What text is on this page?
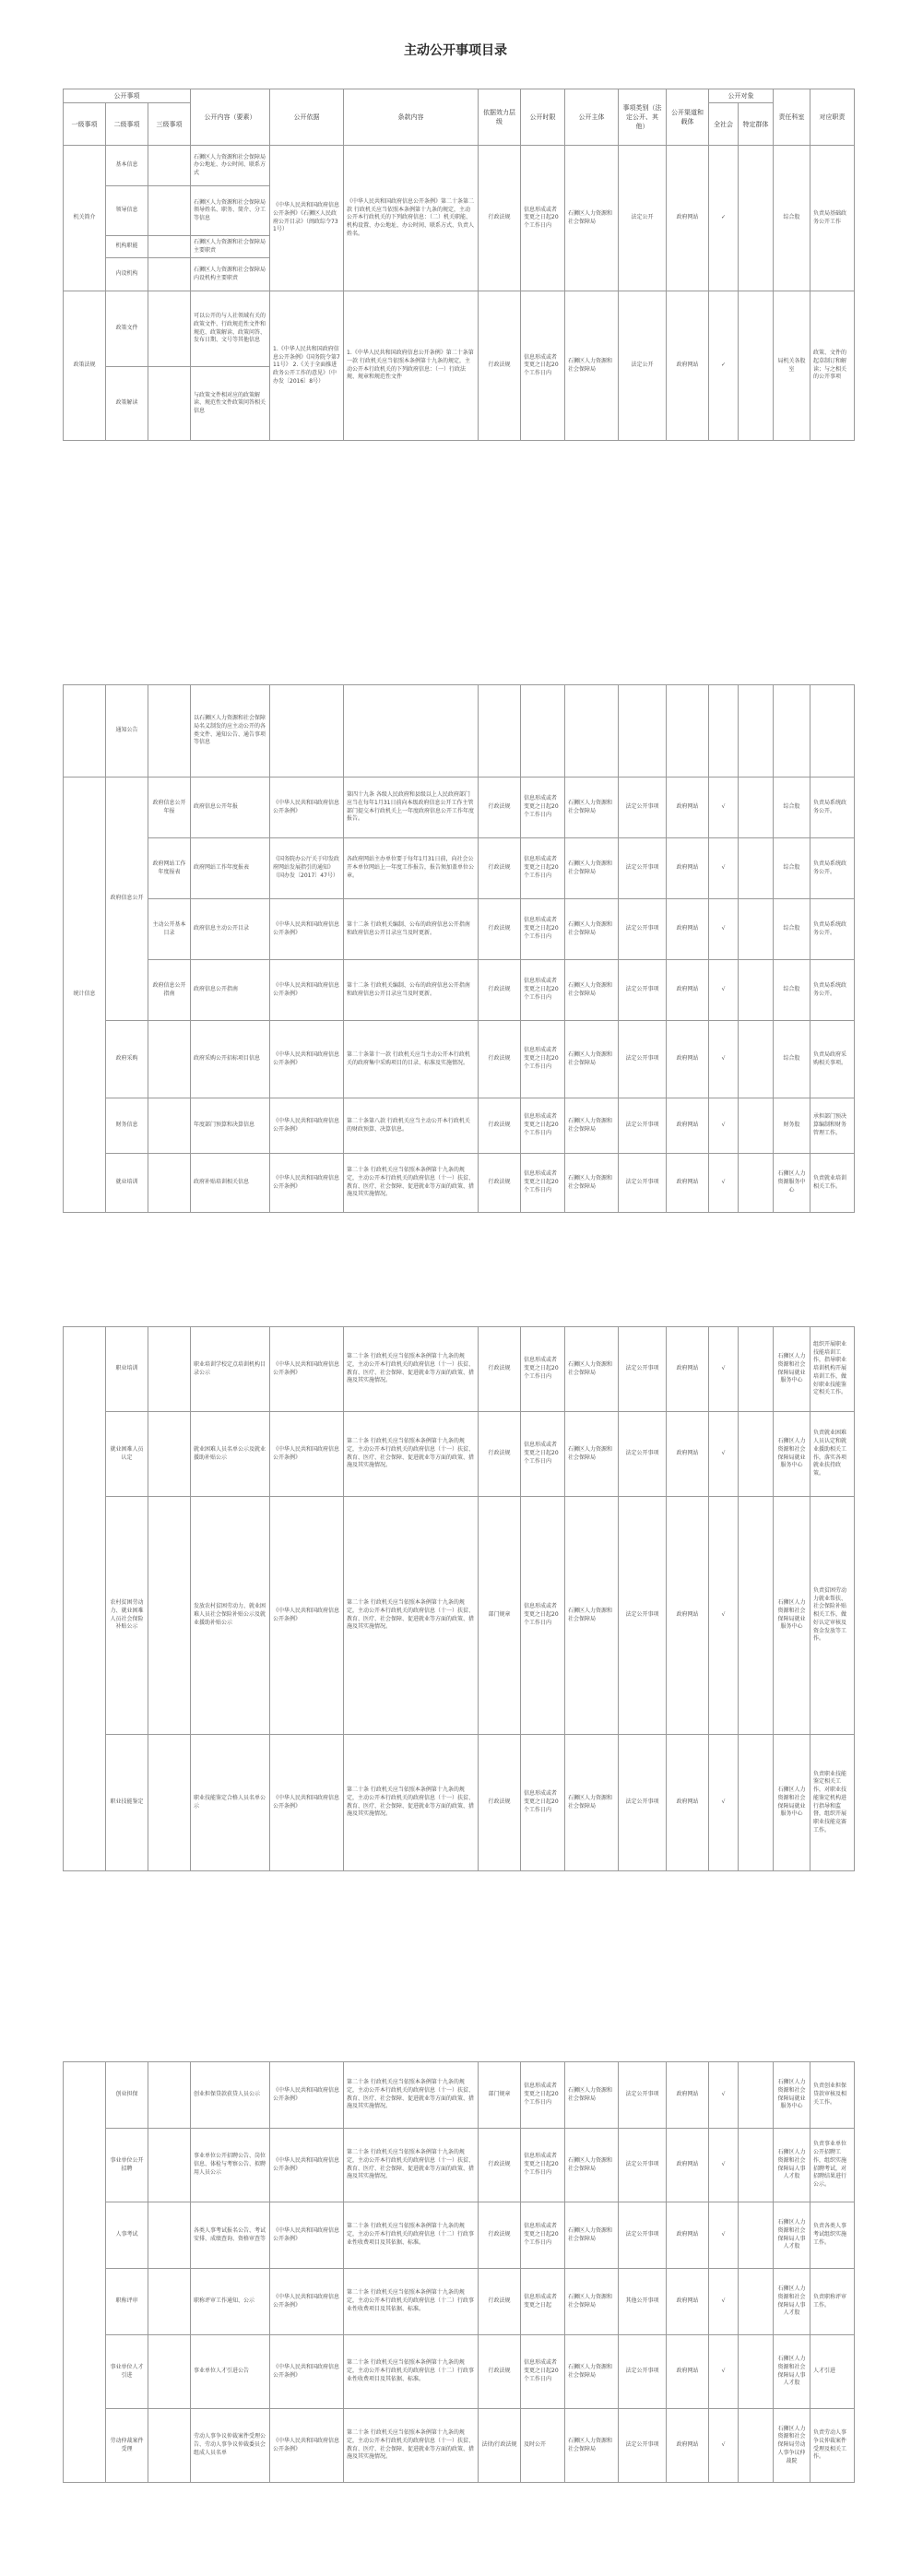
主动公开事项目录
公开事项			公开内容（要素）	公开依据	条款内容	依据效力层级	公开时限	公开主体	事项类别（法定公开、其他）	公开渠道和载体	公开对象		责任科室	对应职责
一级事项	二级事项	三级事项									全社会	特定群体		
机关简介	基本信息		石狮区人力资源和社会保障局办公地址、办公时间、联系方式	《中华人民共和国政府信息公开条例》《石狮区人民政府公开目录》（闽政综令731号）	《中华人民共和国政府信息公开条例》第二十条第二款 行政机关应当依照本条例第十九条的规定，主动公开本行政机关的下列政府信息：（二）机关职能、机构设置、办公地址、办公时间、联系方式、负责人姓名。	行政法规	信息形成或者变更之日起20个工作日内	石狮区人力资源和社会保障局	法定公开	政府网站	✓		综合股	负责局基础政务公开工作
	领导信息		石狮区人力资源和社会保障局领导姓名、职务、简介、分工等信息											
	机构职能		石狮区人力资源和社会保障局主要职责											
	内设机构		石狮区人力资源和社会保障局内设机构主要职责											
政策法规	政策文件		可以公开的与人社领域有关的政策文件、行政规范性文件和规范、政策解读、政策问答、发布日期、文号等其他信息	1.《中华人民共和国政府信息公开条例》《国务院令第711号》 2.《关于全面推进政务公开工作的意见》（中办发〔2016〕8号）	1.《中华人民共和国政府信息公开条例》第二十条第一款 行政机关应当依照本条例第十九条的规定，主动公开本行政机关的下列政府信息：（一）行政法规、规章和规范性文件	行政法规	信息形成或者变更之日起20个工作日内	石狮区人力资源和社会保障局	法定公开	政府网站	✓		局机关各股室	政策、文件的起草制订和解读；与之相关的公开事项
	政策解读		与政策文件相对应的政策解读、规范性文件政策问答相关信息											
	通知公告		以石狮区人力资源和社会保障局名义制发的应主动公开的各类文件、通知公告、通告事项等信息											
统计信息	政府信息公开	政府信息公开年报	政府信息公开年报	《中华人民共和国政府信息公开条例》	第四十九条 各级人民政府和县级以上人民政府部门应当在每年1月31日前向本级政府信息公开工作主管部门提交本行政机关上一年度政府信息公开工作年度报告。	行政法规	信息形成或者变更之日起20个工作日内	石狮区人力资源和社会保障局	法定公开事项	政府网站	√		综合股	负责局系统政务公开。
		政府网站工作年度报表	政府网站工作年度报表	《国务院办公厅关于印发政府网站发展指引的通知》（国办发〔2017〕47号）	各政府网站主办单位要于每年1月31日前，向社会公开本单位网站上一年度工作报告，报告须加盖单位公章。	行政法规	信息形成或者变更之日起20个工作日内	石狮区人力资源和社会保障局	法定公开事项	政府网站	√		综合股	负责局系统政务公开。
		主动公开基本目录	政府信息主动公开目录	《中华人民共和国政府信息公开条例》	第十二条 行政机关编制、公布的政府信息公开指南和政府信息公开目录应当及时更新。	行政法规	信息形成或者变更之日起20个工作日内	石狮区人力资源和社会保障局	法定公开事项	政府网站	√		综合股	负责局系统政务公开。
		政府信息公开指南	政府信息公开指南	《中华人民共和国政府信息公开条例》	第十二条 行政机关编制、公布的政府信息公开指南和政府信息公开目录应当及时更新。	行政法规	信息形成或者变更之日起20个工作日内	石狮区人力资源和社会保障局	法定公开事项	政府网站	√		综合股	负责局系统政务公开。
	政府采购		政府采购公开招标项目信息	《中华人民共和国政府信息公开条例》	第二十条第十一款 行政机关应当主动公开本行政机关的政府集中采购项目的目录、标准及实施情况。	行政法规	信息形成或者变更之日起20个工作日内	石狮区人力资源和社会保障局	法定公开事项	政府网站	√		综合股	负责局政府采购相关事项。
	财务信息		年度部门预算和决算信息	《中华人民共和国政府信息公开条例》	第二十条第八款 行政机关应当主动公开本行政机关的财政预算、决算信息。	行政法规	信息形成或者变更之日起20个工作日内	石狮区人力资源和社会保障局	法定公开事项	政府网站	√		财务股	承担部门预决算编制和财务管理工作。
	就业培训		政府补贴培训相关信息	《中华人民共和国政府信息公开条例》	第二十条 行政机关应当依照本条例第十九条的规定，主动公开本行政机关的政府信息（十一）扶贫、教育、医疗、社会保障、促进就业等方面的政策、措施及其实施情况。	行政法规	信息形成或者变更之日起20个工作日内	石狮区人力资源和社会保障局	法定公开事项	政府网站	√		石狮区人力资源服务中心	负责就业培训相关工作。
	职业培训		职业培训学校定点培训机构目录公示	《中华人民共和国政府信息公开条例》	第二十条 行政机关应当依照本条例第十九条的规定，主动公开本行政机关的政府信息（十一）扶贫、教育、医疗、社会保障、促进就业等方面的政策、措施及其实施情况。	行政法规	信息形成或者变更之日起20个工作日内	石狮区人力资源和社会保障局	法定公开事项	政府网站	√		石狮区人力资源和社会保障局就业服务中心	组织开展职业技能培训工作，指导职业培训机构开展培训工作，做好职业技能鉴定相关工作。
	就业困难人员认定		就业困难人员名单公示及就业援助补贴公示	《中华人民共和国政府信息公开条例》	第二十条 行政机关应当依照本条例第十九条的规定，主动公开本行政机关的政府信息（十一）扶贫、教育、医疗、社会保障、促进就业等方面的政策、措施及其实施情况。	行政法规	信息形成或者变更之日起20个工作日内	石狮区人力资源和社会保障局	法定公开事项	政府网站	√		石狮区人力资源和社会保障局就业服务中心	负责就业困难人员认定和就业援助相关工作，落实各项就业扶持政策。
	农村贫困劳动力、就业困难人员社会保险补贴公示		发放农村贫困劳动力、就业困难人员社会保险补贴公示及就业援助补贴公示	《中华人民共和国政府信息公开条例》	第二十条 行政机关应当依照本条例第十九条的规定，主动公开本行政机关的政府信息（十一）扶贫、教育、医疗、社会保障、促进就业等方面的政策、措施及其实施情况。	部门规章	信息形成或者变更之日起20个工作日内	石狮区人力资源和社会保障局	法定公开事项	政府网站	√		石狮区人力资源和社会保障局就业服务中心	负责贫困劳动力就业帮扶、社会保险补贴相关工作，做好认定审核及资金发放等工作。
	职业技能鉴定		职业技能鉴定合格人员名单公示	《中华人民共和国政府信息公开条例》	第二十条 行政机关应当依照本条例第十九条的规定，主动公开本行政机关的政府信息（十一）扶贫、教育、医疗、社会保障、促进就业等方面的政策、措施及其实施情况。	行政法规	信息形成或者变更之日起20个工作日内	石狮区人力资源和社会保障局	法定公开事项	政府网站	√		石狮区人力资源和社会保障局就业服务中心	负责职业技能鉴定相关工作，对职业技能鉴定机构进行指导和监督，组织开展职业技能竞赛工作。
	创业担保		创业担保贷款获贷人员公示	《中华人民共和国政府信息公开条例》	第二十条 行政机关应当依照本条例第十九条的规定，主动公开本行政机关的政府信息（十一）扶贫、教育、医疗、社会保障、促进就业等方面的政策、措施及其实施情况。	部门规章	信息形成或者变更之日起20个工作日内	石狮区人力资源和社会保障局	法定公开事项	政府网站	√		石狮区人力资源和社会保障局就业服务中心	负责创业担保贷款审核及相关工作。
	事业单位公开招聘		事业单位公开招聘公告、岗位信息、体检与考察公告、拟聘用人员公示	《中华人民共和国政府信息公开条例》	第二十条 行政机关应当依照本条例第十九条的规定，主动公开本行政机关的政府信息（十一）扶贫、教育、医疗、社会保障、促进就业等方面的政策、措施及其实施情况。	行政法规	信息形成或者变更之日起20个工作日内	石狮区人力资源和社会保障局	法定公开事项	政府网站	√		石狮区人力资源和社会保障局人事人才股	负责事业单位公开招聘工作，组织实施招聘考试，对招聘结果进行公示。
	人事考试		各类人事考试报名公告、考试安排、成绩查询、资格审查等	《中华人民共和国政府信息公开条例》	第二十条 行政机关应当依照本条例第十九条的规定，主动公开本行政机关的政府信息（十二）行政事业性收费项目及其依据、标准。	行政法规	信息形成或者变更之日起20个工作日内	石狮区人力资源和社会保障局	法定公开事项	政府网站	√		石狮区人力资源和社会保障局人事人才股	负责各类人事考试组织实施工作。
	职称评审		职称评审工作通知、公示	《中华人民共和国政府信息公开条例》	第二十条 行政机关应当依照本条例第十九条的规定，主动公开本行政机关的政府信息（十二）行政事业性收费项目及其依据、标准。	行政法规	信息形成或者变更之日起	石狮区人力资源和社会保障局	其他公开事项	政府网站	√		石狮区人力资源和社会保障局人事人才股	负责职称评审工作。
	事业单位人才引进		事业单位人才引进公告	《中华人民共和国政府信息公开条例》	第二十条 行政机关应当依照本条例第十九条的规定，主动公开本行政机关的政府信息（十二）行政事业性收费项目及其依据、标准。	行政法规	信息形成或者变更之日起20个工作日内	石狮区人力资源和社会保障局	法定公开事项	政府网站	√		石狮区人力资源和社会保障局人事人才股	人才引进
	劳动仲裁案件受理		劳动人事争议仲裁案件受理公告、劳动人事争议仲裁委员会组成人员名单	《中华人民共和国政府信息公开条例》	第二十条 行政机关应当依照本条例第十九条的规定，主动公开本行政机关的政府信息（十一）扶贫、教育、医疗、社会保障、促进就业等方面的政策、措施及其实施情况。	法律/行政法规	及时公开	石狮区人力资源和社会保障局	法定公开事项	政府网站	√		石狮区人力资源和社会保障局劳动人事争议仲裁院	负责劳动人事争议仲裁案件受理及相关工作。
